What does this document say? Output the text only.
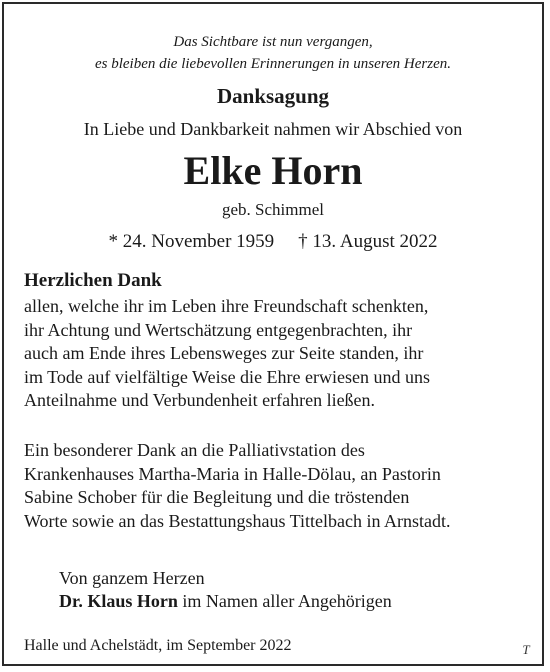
Das Sichtbare ist nun vergangen,
es bleiben die liebevollen Erinnerungen in unseren Herzen.
Danksagung
In Liebe und Dankbarkeit nahmen wir Abschied von
Elke Horn
geb. Schimmel
* 24. November 1959 † 13. August 2022
Herzlichen Dank
allen, welche ihr im Leben ihre Freundschaft schenkten,
ihr Achtung und Wertschätzung entgegenbrachten, ihr
auch am Ende ihres Lebensweges zur Seite standen, ihr
im Tode auf vielfältige Weise die Ehre erwiesen und uns
Anteilnahme und Verbundenheit erfahren ließen.
Ein besonderer Dank an die Palliativstation des
Krankenhauses Martha-Maria in Halle-Dölau, an Pastorin
Sabine Schober für die Begleitung und die tröstenden
Worte sowie an das Bestattungshaus Tittelbach in Arnstadt.
Von ganzem Herzen
Dr. Klaus Horn im Namen aller Angehörigen
Halle und Achelstädt, im September 2022	T
